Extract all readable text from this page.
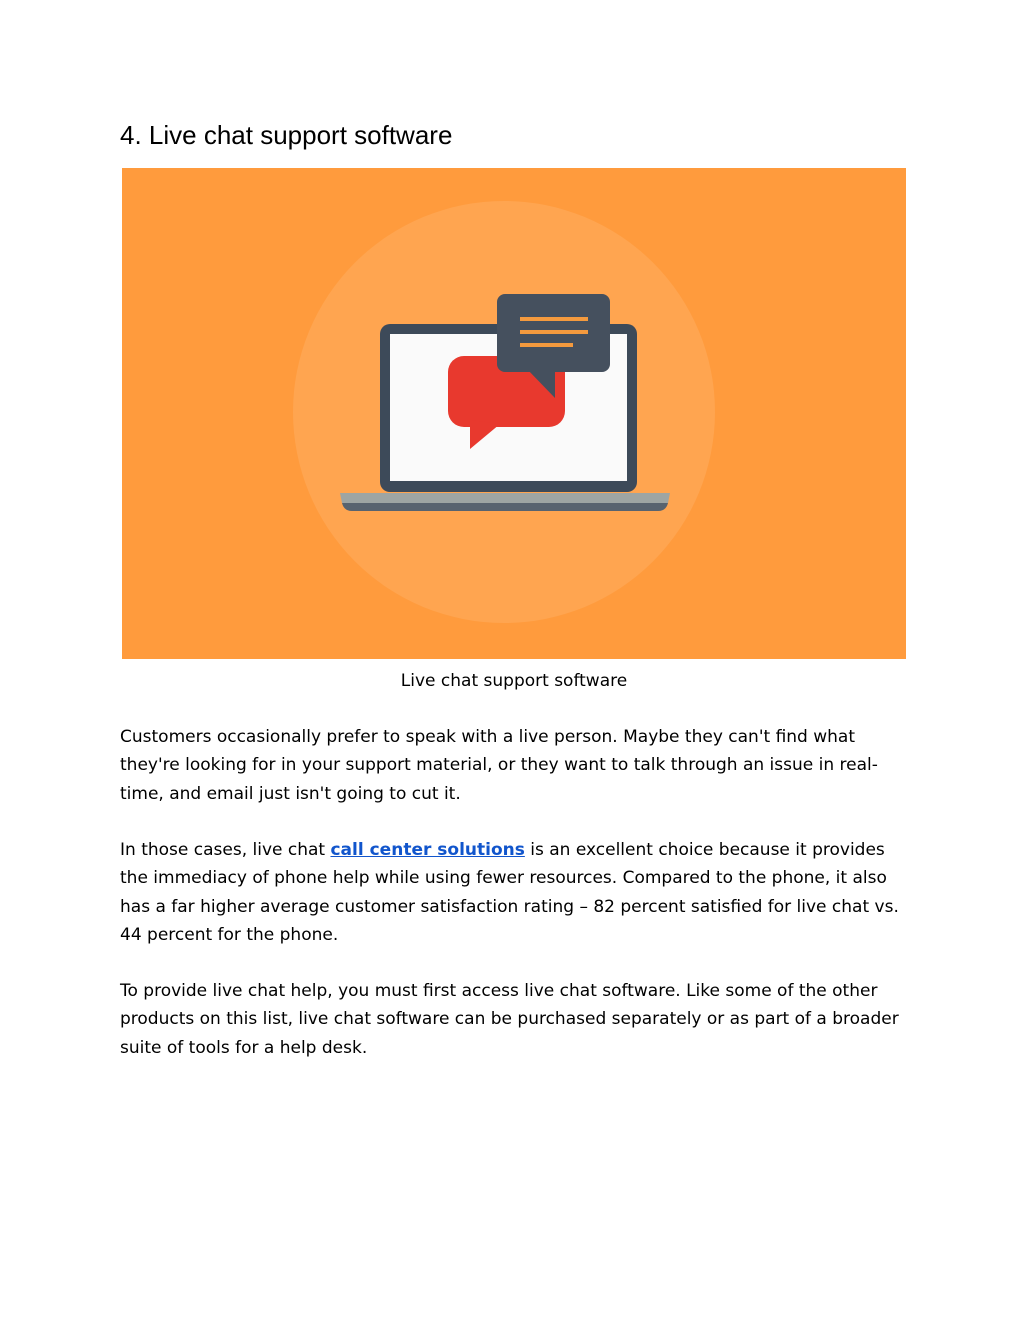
4. Live chat support software
Live chat support software

Customers occasionally prefer to speak with a live person. Maybe they can't find what they're looking for in your support material, or they want to talk through an issue in real-time, and email just isn't going to cut it.

In those cases, live chat call center solutions is an excellent choice because it provides the immediacy of phone help while using fewer resources. Compared to the phone, it also has a far higher average customer satisfaction rating – 82 percent satisfied for live chat vs. 44 percent for the phone.

To provide live chat help, you must first access live chat software. Like some of the other products on this list, live chat software can be purchased separately or as part of a broader suite of tools for a help desk.
